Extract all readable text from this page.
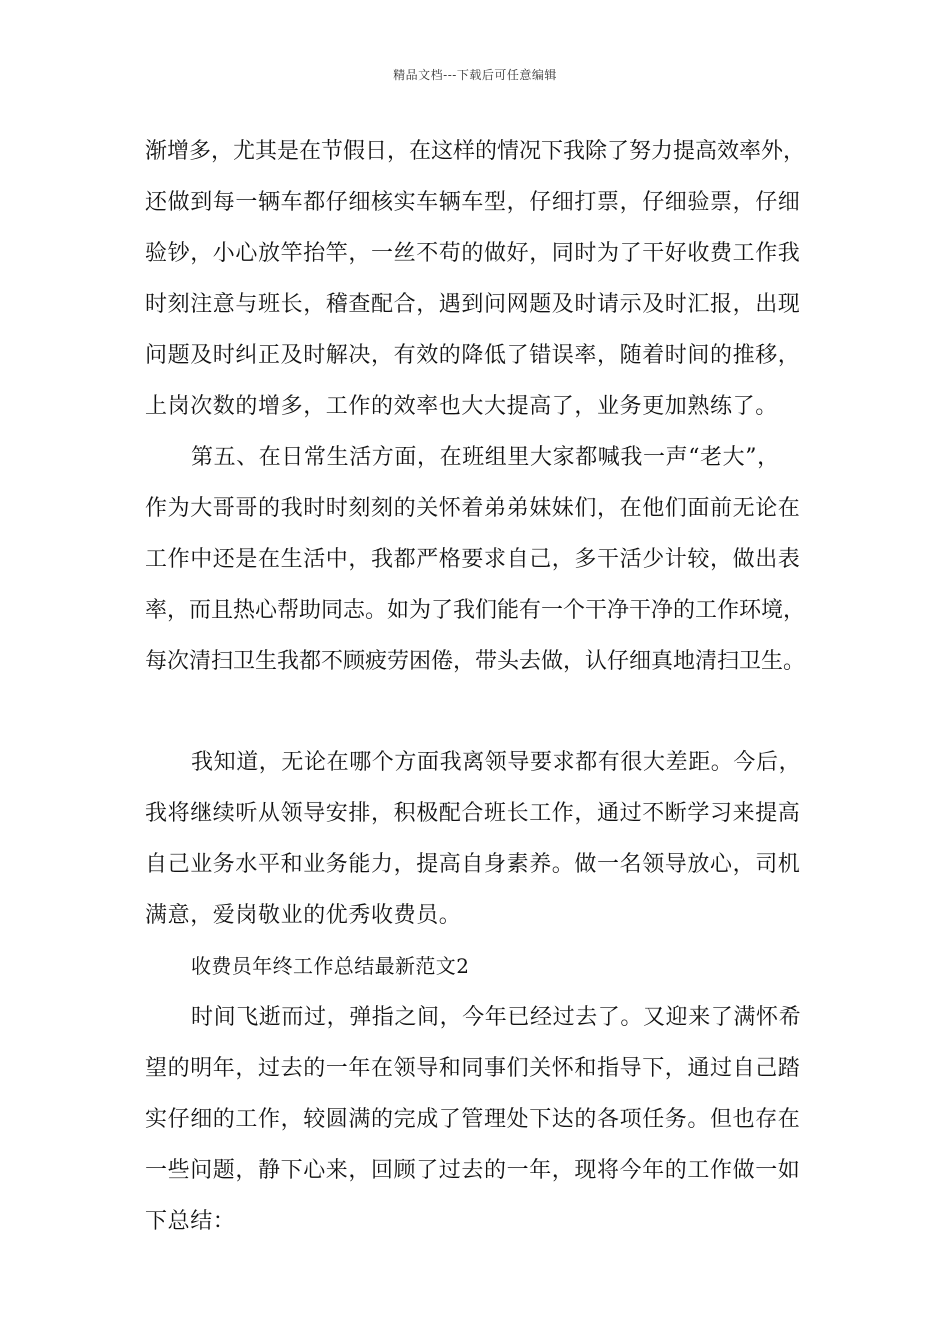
精品文档---下载后可任意编辑
渐增多，尤其是在节假日，在这样的情况下我除了努力提高效率外，
还做到每一辆车都仔细核实车辆车型，仔细打票，仔细验票，仔细
验钞，小心放竿抬竿，一丝不苟的做好，同时为了干好收费工作我
时刻注意与班长，稽查配合，遇到问网题及时请示及时汇报，出现
问题及时纠正及时解决，有效的降低了错误率，随着时间的推移，
上岗次数的增多，工作的效率也大大提高了，业务更加熟练了。
第五、在日常生活方面，在班组里大家都喊我一声“老大”，
作为大哥哥的我时时刻刻的关怀着弟弟妹妹们，在他们面前无论在
工作中还是在生活中，我都严格要求自己，多干活少计较，做出表
率，而且热心帮助同志。如为了我们能有一个干净干净的工作环境，
每次清扫卫生我都不顾疲劳困倦，带头去做，认仔细真地清扫卫生。
我知道，无论在哪个方面我离领导要求都有很大差距。今后，
我将继续听从领导安排，积极配合班长工作，通过不断学习来提高
自己业务水平和业务能力，提高自身素养。做一名领导放心，司机
满意，爱岗敬业的优秀收费员。
收费员年终工作总结最新范文2
时间飞逝而过，弹指之间，今年已经过去了。又迎来了满怀希
望的明年，过去的一年在领导和同事们关怀和指导下，通过自己踏
实仔细的工作，较圆满的完成了管理处下达的各项任务。但也存在
一些问题，静下心来，回顾了过去的一年，现将今年的工作做一如
下总结：
